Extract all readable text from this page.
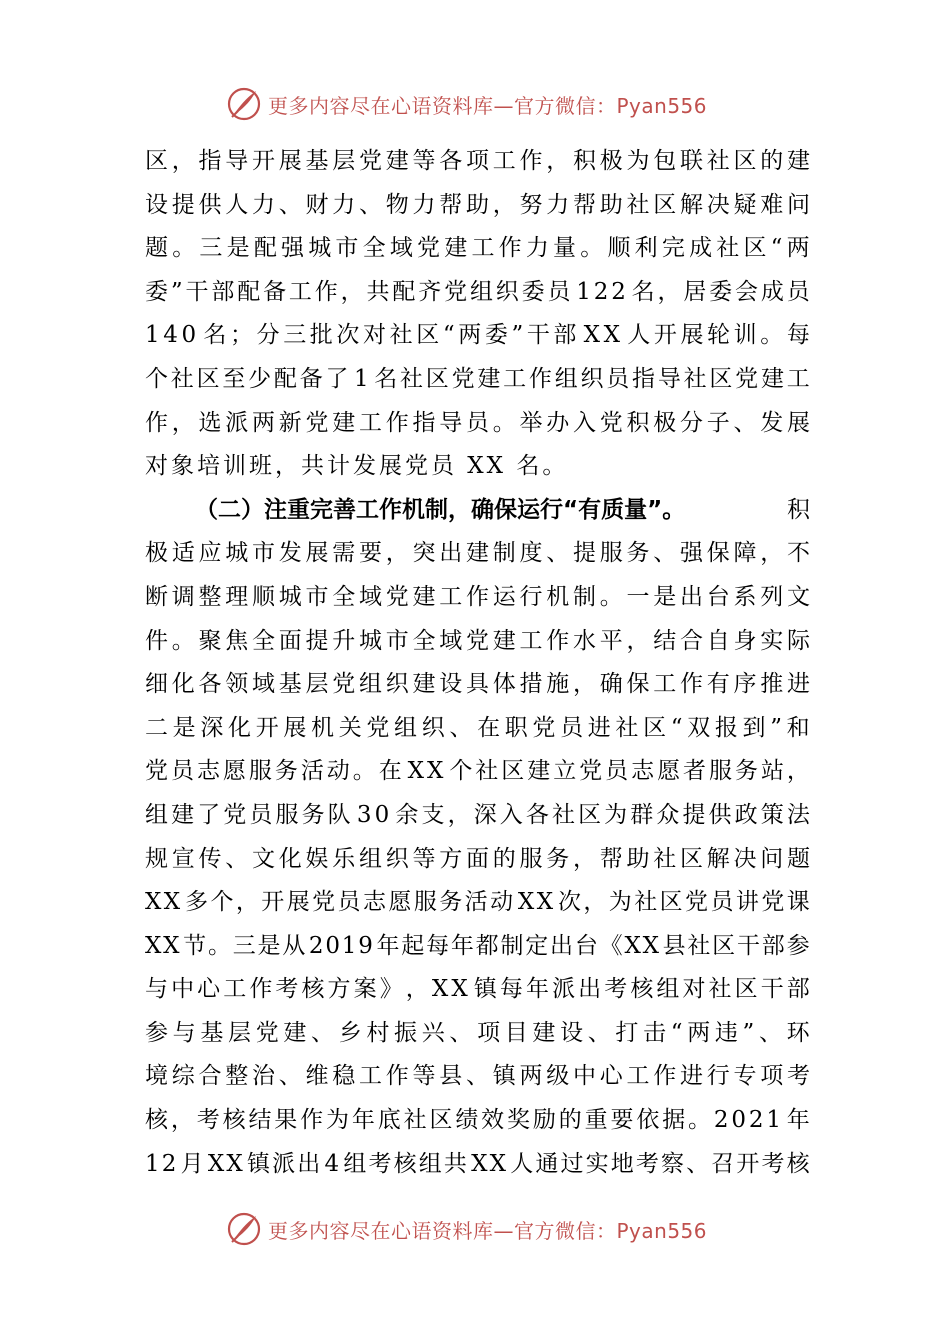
更多内容尽在心语资料库—官方微信：Pyan556
区 ， 指 导 开 展 基 层 党 建 等 各 项 工 作 ， 积 极 为 包 联 社 区 的 建
设 提 供 人 力 、 财 力 、 物 力 帮 助 ， 努 力 帮 助 社 区 解 决 疑 难 问
题 。 三 是 配 强 城 市 全 域 党 建 工 作 力 量 。 顺 利 完 成 社 区 “ 两
委 ” 干 部 配 备 工 作 ， 共 配 齐 党 组 织 委 员 1 2 2 名 ， 居 委 会 成 员
1 4 0 名 ； 分 三 批 次 对 社 区 “ 两 委 ” 干 部 X X 人 开 展 轮 训 。 每
个 社 区 至 少 配 备 了 1 名 社 区 党 建 工 作 组 织 员 指 导 社 区 党 建 工
作 ， 选 派 两 新 党 建 工 作 指 导 员 。 举 办 入 党 积 极 分 子 、 发 展
对象培训班，共计发展党员 XX 名。
（二）注重完善工作机制，确保运行“有质量”。	积
极 适 应 城 市 发 展 需 要 ， 突 出 建 制 度 、 提 服 务 、 强 保 障 ， 不
断 调 整 理 顺 城 市 全 域 党 建 工 作 运 行 机 制 。 一 是 出 台 系 列 文
件 。 聚 焦 全 面 提 升 城 市 全 域 党 建 工 作 水 平 ， 结 合 自 身 实 际
细 化 各 领 域 基 层 党 组 织 建 设 具 体 措 施 ， 确 保 工 作 有 序 推 进
二 是 深 化 开 展 机 关 党 组 织 、 在 职 党 员 进 社 区 “ 双 报 到 ” 和
党 员 志 愿 服 务 活 动 。 在 X X 个 社 区 建 立 党 员 志 愿 者 服 务 站 ，
组 建 了 党 员 服 务 队 3 0 余 支 ， 深 入 各 社 区 为 群 众 提 供 政 策 法
规 宣 传 、 文 化 娱 乐 组 织 等 方 面 的 服 务 ， 帮 助 社 区 解 决 问 题
X X 多 个 ， 开 展 党 员 志 愿 服 务 活 动 X X 次 ， 为 社 区 党 员 讲 党 课
X X 节 。 三 是 从 2 0 1 9 年 起 每 年 都 制 定 出 台 《 X X 县 社 区 干 部 参
与 中 心 工 作 考 核 方 案 》 ， X X 镇 每 年 派 出 考 核 组 对 社 区 干 部
参 与 基 层 党 建 、 乡 村 振 兴 、 项 目 建 设 、 打 击 “ 两 违 ” 、 环
境 综 合 整 治 、 维 稳 工 作 等 县 、 镇 两 级 中 心 工 作 进 行 专 项 考
核 ， 考 核 结 果 作 为 年 底 社 区 绩 效 奖 励 的 重 要 依 据 。 2 0 2 1 年
1 2 月 X X 镇 派 出 4 组 考 核 组 共 X X 人 通 过 实 地 考 察 、 召 开 考 核
更多内容尽在心语资料库—官方微信：Pyan556
